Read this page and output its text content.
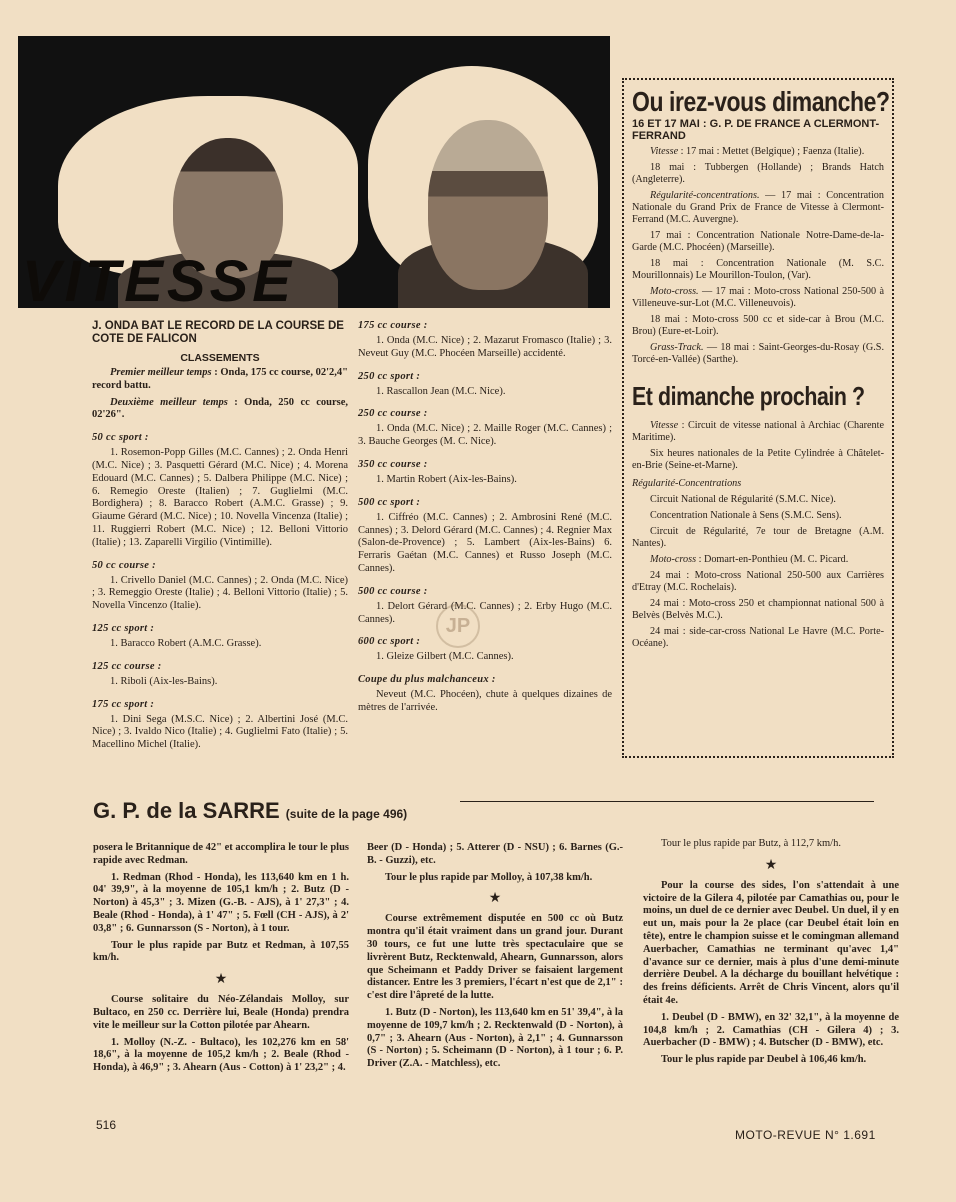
VITESSE

J. ONDA BAT LE RECORD DE LA COURSE DE COTE DE FALICON

CLASSEMENTS

Premier meilleur temps : Onda, 175 cc course, 02'2,4" record battu.

Deuxième meilleur temps : Onda, 250 cc course, 02'26".

50 cc sport :

1. Rosemon-Popp Gilles (M.C. Cannes) ; 2. Onda Henri (M.C. Nice) ; 3. Pasquetti Gérard (M.C. Nice) ; 4. Morena Edouard (M.C. Cannes) ; 5. Dalbera Philippe (M.C. Nice) ; 6. Remegio Oreste (Italien) ; 7. Guglielmi (M.C. Bordighera) ; 8. Baracco Robert (A.M.C. Grasse) ; 9. Giaume Gérard (M.C. Nice) ; 10. Novella Vincenza (Italie) ; 11. Ruggierri Robert (M.C. Nice) ; 12. Belloni Vittorio (Italie) ; 13. Zaparelli Virgilio (Vintimille).

50 cc course :

1. Crivello Daniel (M.C. Cannes) ; 2. Onda (M.C. Nice) ; 3. Remeggio Oreste (Italie) ; 4. Belloni Vittorio (Italie) ; 5. Novella Vincenzo (Italie).

125 cc sport :

1. Baracco Robert (A.M.C. Grasse).

125 cc course :

1. Riboli (Aix-les-Bains).

175 cc sport :

1. Dini Sega (M.S.C. Nice) ; 2. Albertini José (M.C. Nice) ; 3. Ivaldo Nico (Italie) ; 4. Guglielmi Fato (Italie) ; 5. Macellino Michel (Italie).

175 cc course :

1. Onda (M.C. Nice) ; 2. Mazarut Fromasco (Italie) ; 3. Neveut Guy (M.C. Phocéen Marseille) accidenté.

250 cc sport :

1. Rascallon Jean (M.C. Nice).

250 cc course :

1. Onda (M.C. Nice) ; 2. Maille Roger (M.C. Cannes) ; 3. Bauche Georges (M. C. Nice).

350 cc course :

1. Martin Robert (Aix-les-Bains).

500 cc sport :

1. Ciffréo (M.C. Cannes) ; 2. Ambrosini René (M.C. Cannes) ; 3. Delord Gérard (M.C. Cannes) ; 4. Regnier Max (Salon-de-Provence) ; 5. Lambert (Aix-les-Bains) 6. Ferraris Gaétan (M.C. Cannes) et Russo Joseph (M.C. Cannes).

500 cc course :

1. Delort Gérard (M.C. Cannes) ; 2. Erby Hugo (M.C. Cannes).

600 cc sport :

1. Gleize Gilbert (M.C. Cannes).

Coupe du plus malchanceux :

Neveut (M.C. Phocéen), chute à quelques dizaines de mètres de l'arrivée.

JP

Ou irez-vous dimanche?

16 ET 17 MAI : G. P. DE FRANCE A CLERMONT-FERRAND

Vitesse : 17 mai : Mettet (Belgique) ; Faenza (Italie).

18 mai : Tubbergen (Hollande) ; Brands Hatch (Angleterre).

Régularité-concentrations. — 17 mai : Concentration Nationale du Grand Prix de France de Vitesse à Clermont-Ferrand (M.C. Auvergne).

17 mai : Concentration Nationale Notre-Dame-de-la-Garde (M.C. Phocéen) (Marseille).

18 mai : Concentration Nationale (M. S.C. Mourillonnais) Le Mourillon-Toulon, (Var).

Moto-cross. — 17 mai : Moto-cross National 250-500 à Villeneuve-sur-Lot (M.C. Villeneuvois).

18 mai : Moto-cross 500 cc et side-car à Brou (M.C. Brou) (Eure-et-Loir).

Grass-Track. — 18 mai : Saint-Georges-du-Rosay (G.S. Torcé-en-Vallée) (Sarthe).

Et dimanche prochain ?

Vitesse : Circuit de vitesse national à Archiac (Charente Maritime).

Six heures nationales de la Petite Cylindrée à Châtelet-en-Brie (Seine-et-Marne).

Régularité-Concentrations

Circuit National de Régularité (S.M.C. Nice).

Concentration Nationale à Sens (S.M.C. Sens).

Circuit de Régularité, 7e tour de Bretagne (A.M. Nantes).

Moto-cross : Domart-en-Ponthieu (M. C. Picard.

24 mai : Moto-cross National 250-500 aux Carrières d'Etray (M.C. Rochelais).

24 mai : Moto-cross 250 et championnat national 500 à Belvès (Belvès M.C.).

24 mai : side-car-cross National Le Havre (M.C. Porte-Océane).

G. P. de la SARRE (suite de la page 496)

posera le Britannique de 42" et accomplira le tour le plus rapide avec Redman.

1. Redman (Rhod - Honda), les 113,640 km en 1 h. 04' 39,9", à la moyenne de 105,1 km/h ; 2. Butz (D - Norton) à 45,3" ; 3. Mizen (G.-B. - AJS), à 1' 27,3" ; 4. Beale (Rhod - Honda), à 1' 47" ; 5. Fœll (CH - AJS), à 2' 03,8" ; 6. Gunnarsson (S - Norton), à 1 tour.

Tour le plus rapide par Butz et Redman, à 107,55 km/h.

★

Course solitaire du Néo-Zélandais Molloy, sur Bultaco, en 250 cc. Derrière lui, Beale (Honda) prendra vite le meilleur sur la Cotton pilotée par Ahearn.

1. Molloy (N.-Z. - Bultaco), les 102,276 km en 58' 18,6", à la moyenne de 105,2 km/h ; 2. Beale (Rhod - Honda), à 46,9" ; 3. Ahearn (Aus - Cotton) à 1' 23,2" ; 4.

Beer (D - Honda) ; 5. Atterer (D - NSU) ; 6. Barnes (G.-B. - Guzzi), etc.

Tour le plus rapide par Molloy, à 107,38 km/h.

★

Course extrêmement disputée en 500 cc où Butz montra qu'il était vraiment dans un grand jour. Durant 30 tours, ce fut une lutte très spectaculaire que se livrèrent Butz, Recktenwald, Ahearn, Gunnarsson, alors que Scheimann et Paddy Driver se faisaient largement distancer. Entre les 3 premiers, l'écart n'est que de 2,1" : c'est dire l'âpreté de la lutte.

1. Butz (D - Norton), les 113,640 km en 51' 39,4", à la moyenne de 109,7 km/h ; 2. Recktenwald (D - Norton), à 0,7" ; 3. Ahearn (Aus - Norton), à 2,1" ; 4. Gunnarsson (S - Norton) ; 5. Scheimann (D - Norton), à 1 tour ; 6. P. Driver (Z.A. - Matchless), etc.

Tour le plus rapide par Butz, à 112,7 km/h.

★

Pour la course des sides, l'on s'attendait à une victoire de la Gilera 4, pilotée par Camathias ou, pour le moins, un duel de ce dernier avec Deubel. Un duel, il y en eut un, mais pour la 2e place (car Deubel était loin en tête), entre le champion suisse et le comingman allemand Auerbacher, Camathias ne terminant qu'avec 1,4" d'avance sur ce dernier, mais à plus d'une demi-minute derrière Deubel. A la décharge du bouillant helvétique : des freins déficients. Arrêt de Chris Vincent, alors qu'il était 4e.

1. Deubel (D - BMW), en 32' 32,1", à la moyenne de 104,8 km/h ; 2. Camathias (CH - Gilera 4) ; 3. Auerbacher (D - BMW) ; 4. Butscher (D - BMW), etc.

Tour le plus rapide par Deubel à 106,46 km/h.

516
MOTO-REVUE N° 1.691
